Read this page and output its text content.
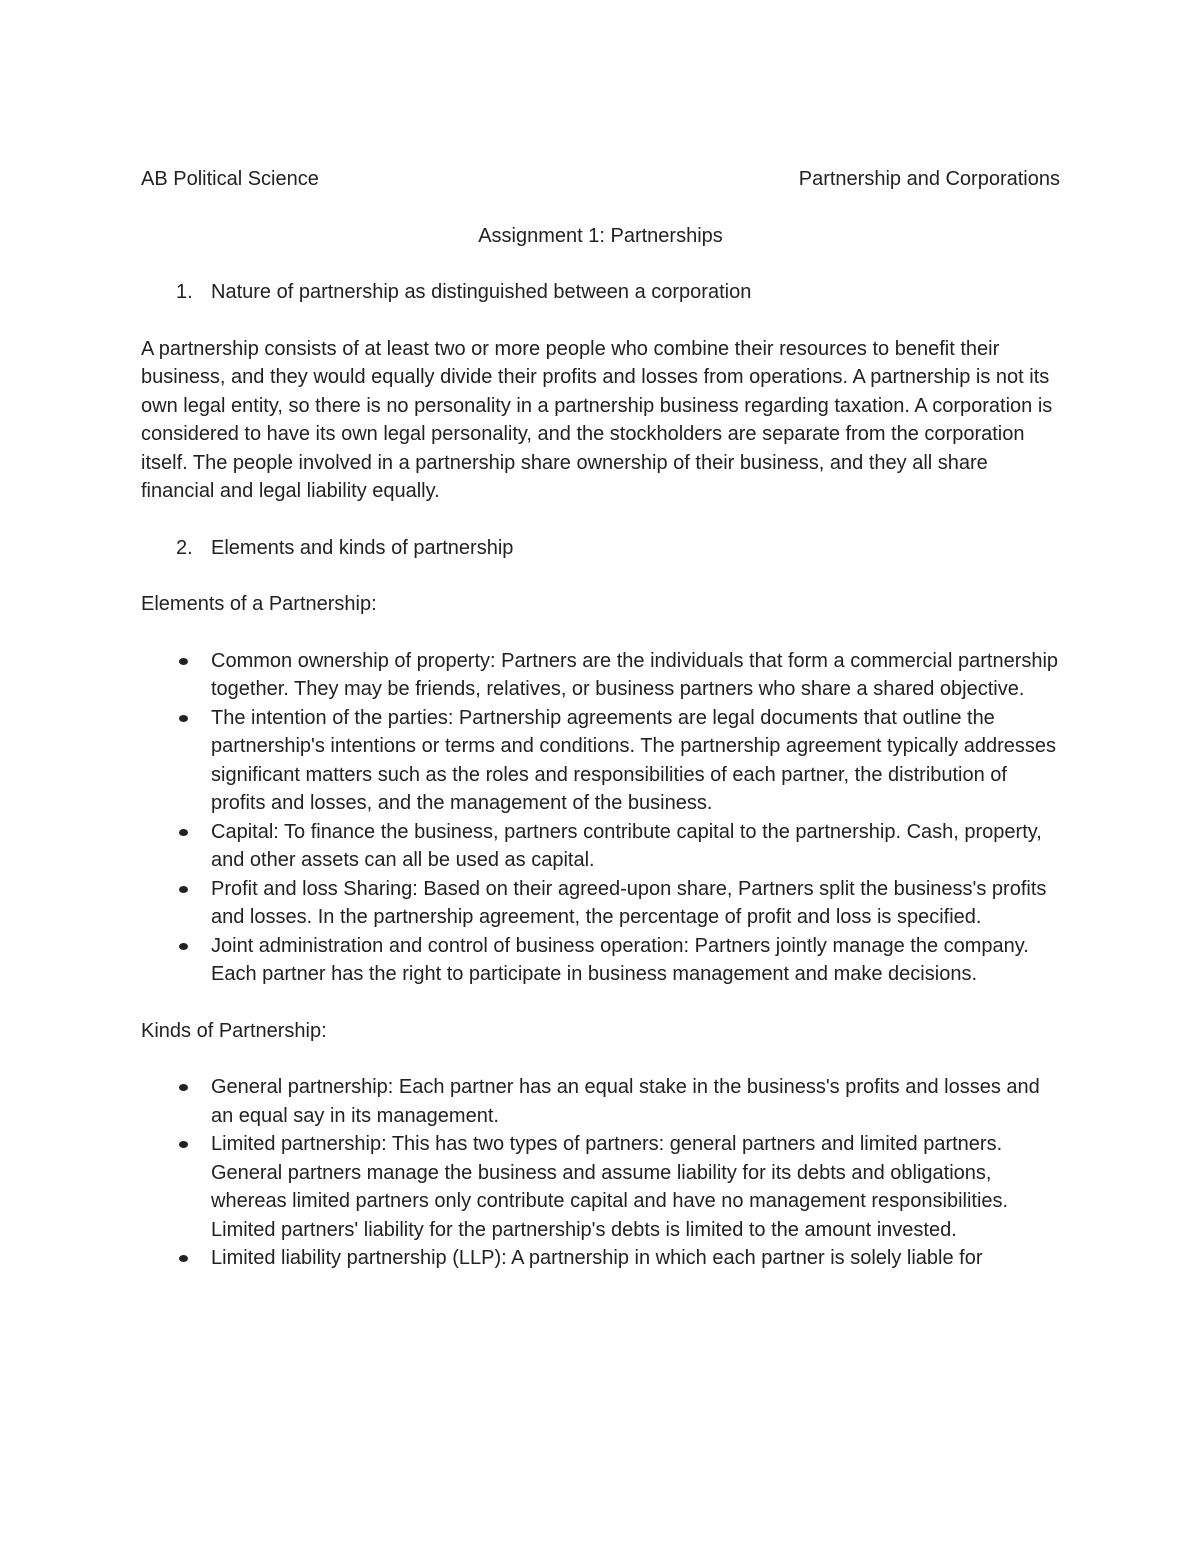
AB Political Science	Partnership and Corporations
Assignment 1: Partnerships
1. Nature of partnership as distinguished between a corporation

A partnership consists of at least two or more people who combine their resources to benefit their business, and they would equally divide their profits and losses from operations. A partnership is not its own legal entity, so there is no personality in a partnership business regarding taxation. A corporation is considered to have its own legal personality, and the stockholders are separate from the corporation itself. The people involved in a partnership share ownership of their business, and they all share financial and legal liability equally.

2. Elements and kinds of partnership
Elements of a Partnership:
Common ownership of property: Partners are the individuals that form a commercial partnership together. They may be friends, relatives, or business partners who share a shared objective.
The intention of the parties: Partnership agreements are legal documents that outline the partnership's intentions or terms and conditions. The partnership agreement typically addresses significant matters such as the roles and responsibilities of each partner, the distribution of profits and losses, and the management of the business.
Capital: To finance the business, partners contribute capital to the partnership. Cash, property, and other assets can all be used as capital.
Profit and loss Sharing: Based on their agreed-upon share, Partners split the business's profits and losses. In the partnership agreement, the percentage of profit and loss is specified.
Joint administration and control of business operation: Partners jointly manage the company. Each partner has the right to participate in business management and make decisions.
Kinds of Partnership:
General partnership: Each partner has an equal stake in the business's profits and losses and an equal say in its management.
Limited partnership: This has two types of partners: general partners and limited partners. General partners manage the business and assume liability for its debts and obligations, whereas limited partners only contribute capital and have no management responsibilities. Limited partners' liability for the partnership's debts is limited to the amount invested.
Limited liability partnership (LLP): A partnership in which each partner is solely liable for
